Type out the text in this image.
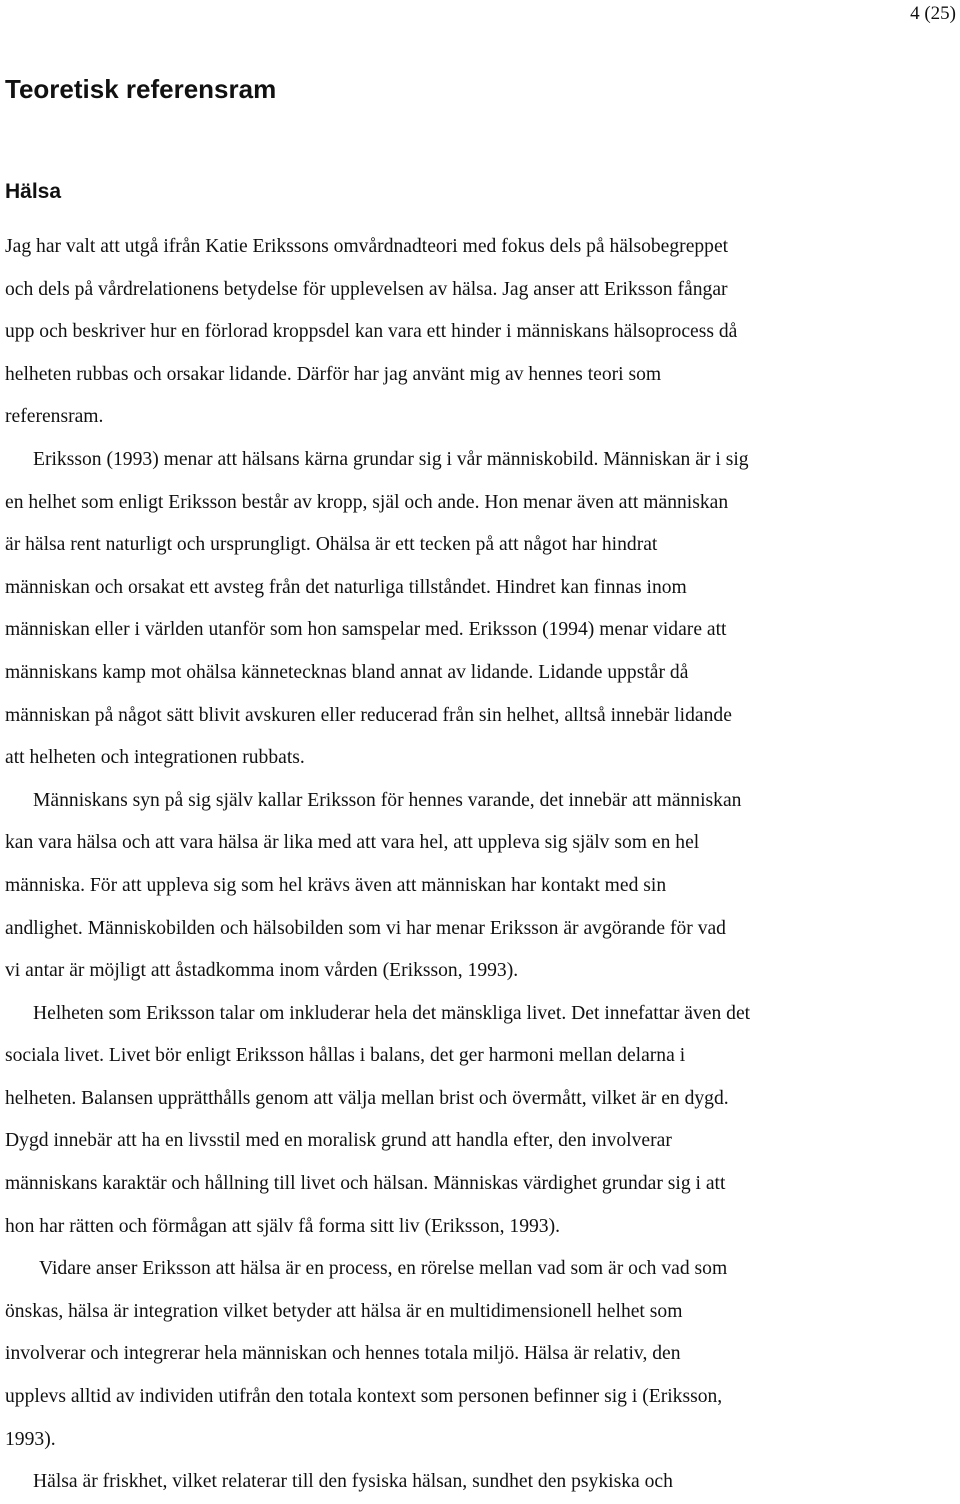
4 (25)
Teoretisk referensram
Hälsa

Jag har valt att utgå ifrån Katie Erikssons omvårdnadteori med fokus dels på hälsobegreppet
och dels på vårdrelationens betydelse för upplevelsen av hälsa. Jag anser att Eriksson fångar
upp och beskriver hur en förlorad kroppsdel kan vara ett hinder i människans hälsoprocess då
helheten rubbas och orsakar lidande. Därför har jag använt mig av hennes teori som
referensram.

Eriksson (1993) menar att hälsans kärna grundar sig i vår människobild. Människan är i sig
en helhet som enligt Eriksson består av kropp, själ och ande. Hon menar även att människan
är hälsa rent naturligt och ursprungligt. Ohälsa är ett tecken på att något har hindrat
människan och orsakat ett avsteg från det naturliga tillståndet. Hindret kan finnas inom
människan eller i världen utanför som hon samspelar med. Eriksson (1994) menar vidare att
människans kamp mot ohälsa kännetecknas bland annat av lidande. Lidande uppstår då
människan på något sätt blivit avskuren eller reducerad från sin helhet, alltså innebär lidande
att helheten och integrationen rubbats.

Människans syn på sig själv kallar Eriksson för hennes varande, det innebär att människan
kan vara hälsa och att vara hälsa är lika med att vara hel, att uppleva sig själv som en hel
människa. För att uppleva sig som hel krävs även att människan har kontakt med sin
andlighet. Människobilden och hälsobilden som vi har menar Eriksson är avgörande för vad
vi antar är möjligt att åstadkomma inom vården (Eriksson, 1993).

Helheten som Eriksson talar om inkluderar hela det mänskliga livet. Det innefattar även det
sociala livet. Livet bör enligt Eriksson hållas i balans, det ger harmoni mellan delarna i
helheten. Balansen upprätthålls genom att välja mellan brist och övermått, vilket är en dygd.
Dygd innebär att ha en livsstil med en moralisk grund att handla efter, den involverar
människans karaktär och hållning till livet och hälsan. Människas värdighet grundar sig i att
hon har rätten och förmågan att själv få forma sitt liv (Eriksson, 1993).

Vidare anser Eriksson att hälsa är en process, en rörelse mellan vad som är och vad som
önskas, hälsa är integration vilket betyder att hälsa är en multidimensionell helhet som
involverar och integrerar hela människan och hennes totala miljö. Hälsa är relativ, den
upplevs alltid av individen utifrån den totala kontext som personen befinner sig i (Eriksson,
1993).

Hälsa är friskhet, vilket relaterar till den fysiska hälsan, sundhet den psykiska och
